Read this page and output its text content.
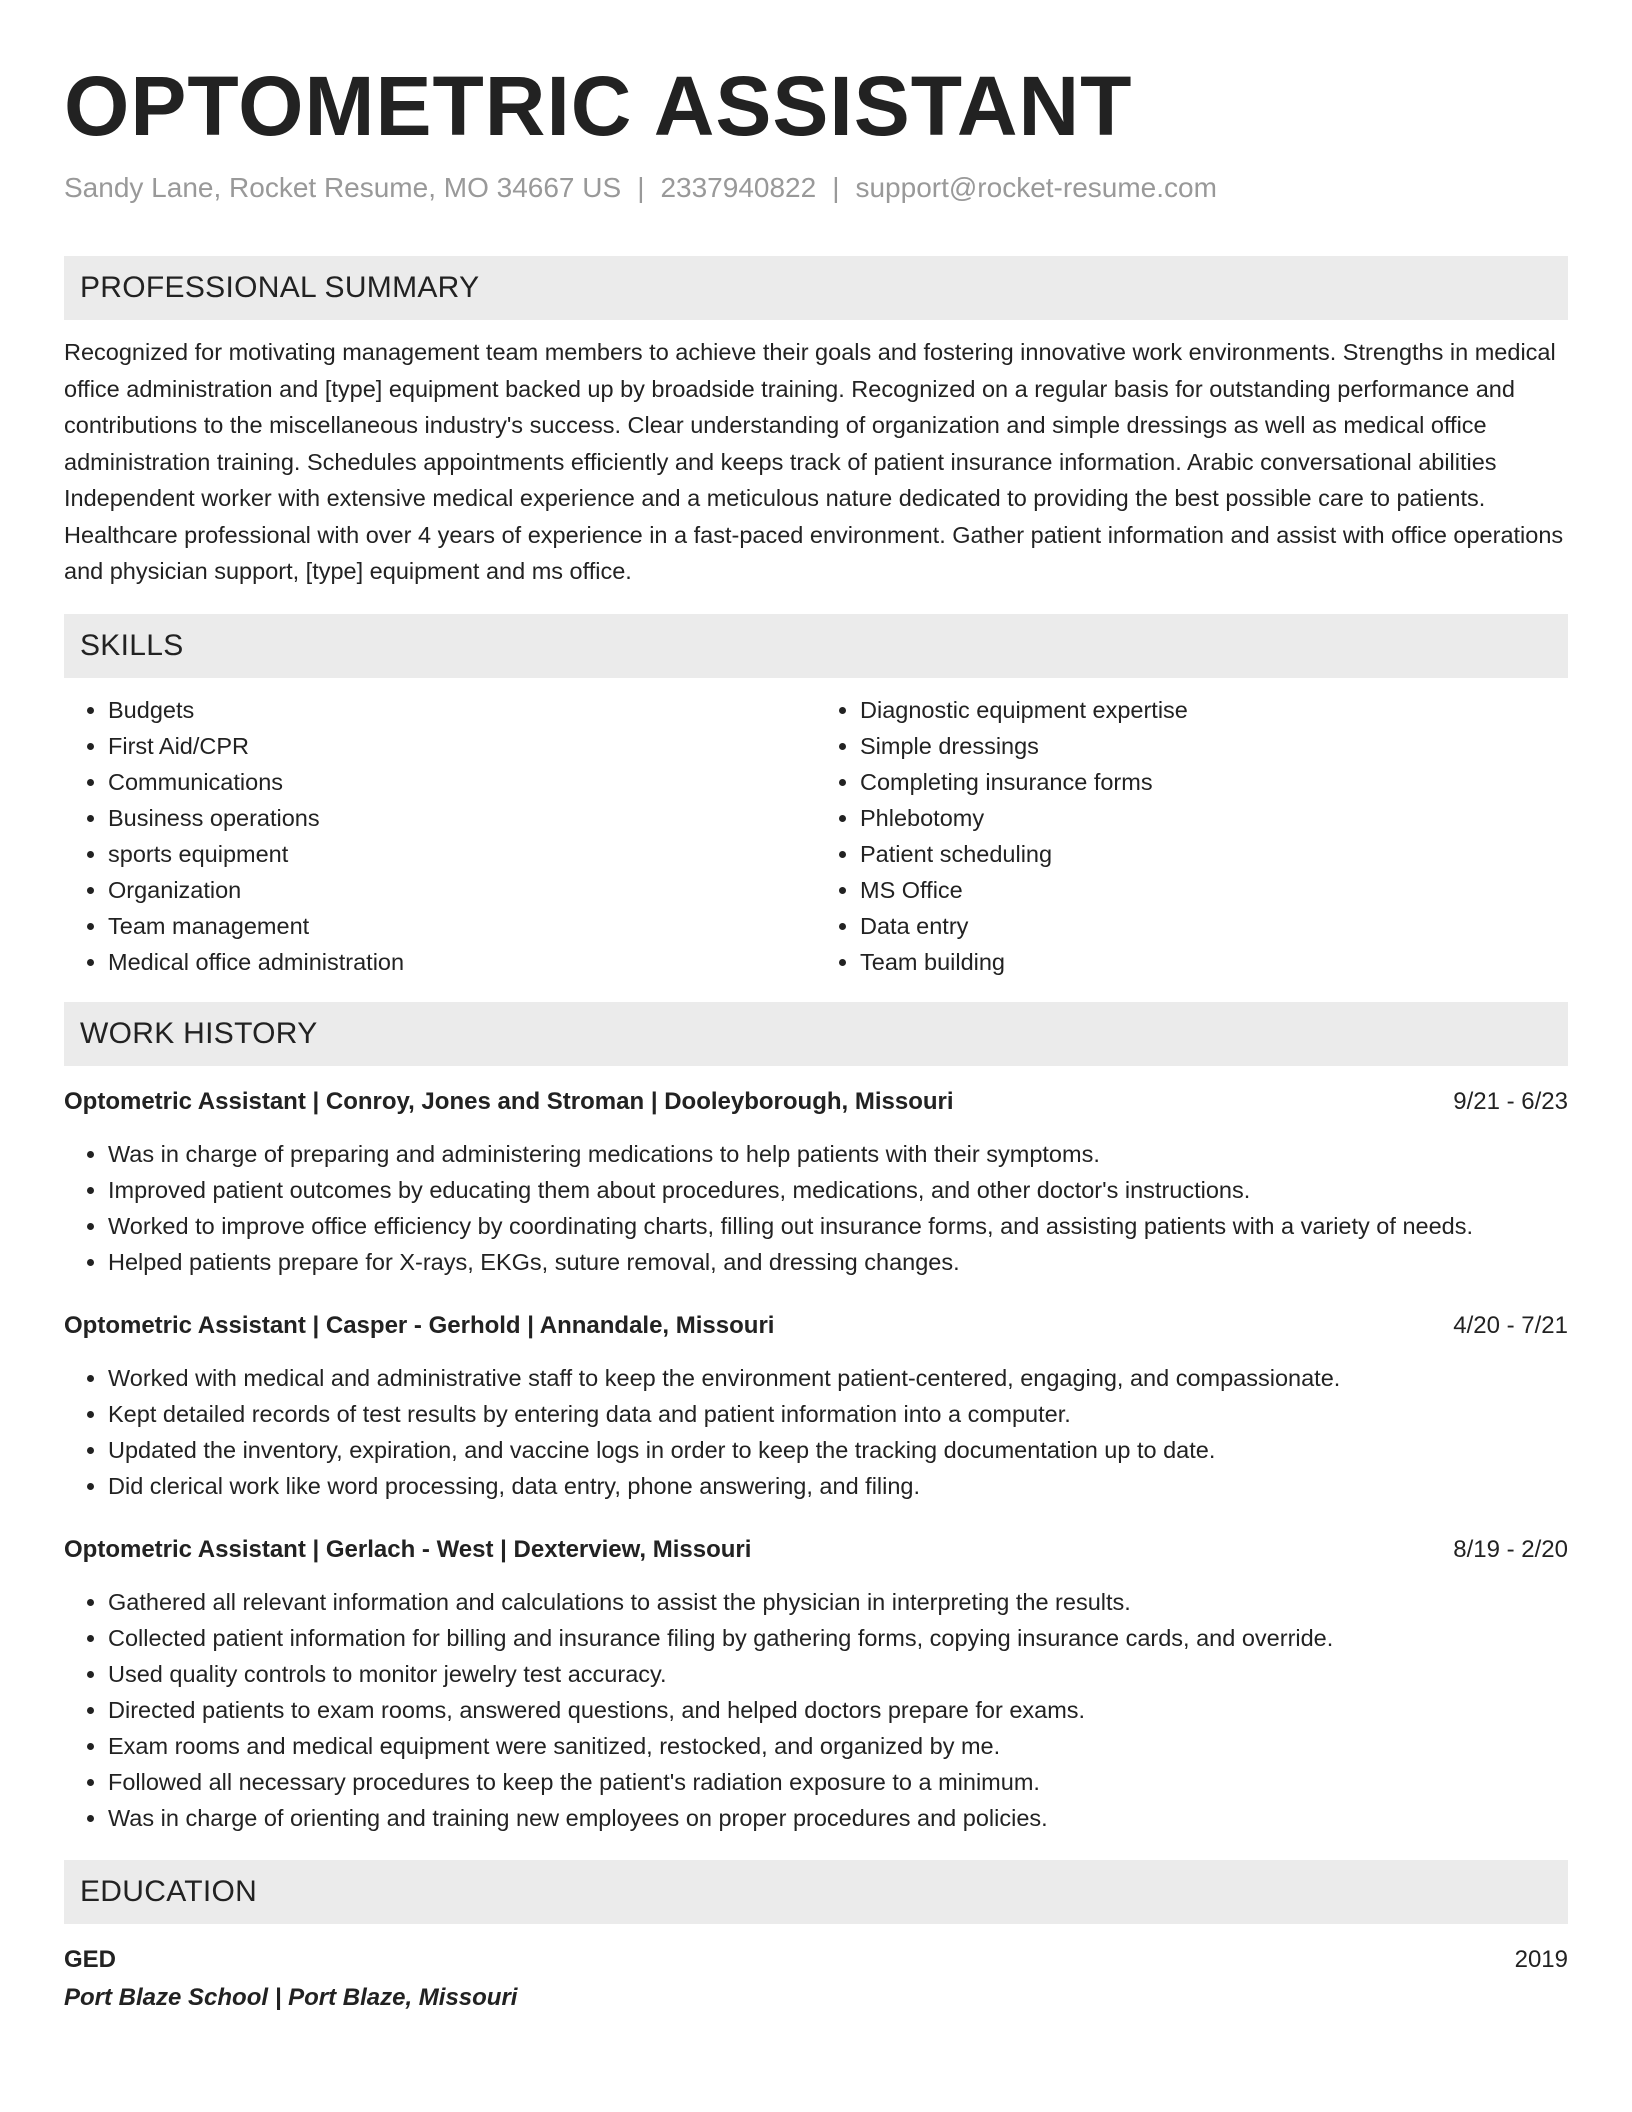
OPTOMETRIC ASSISTANT
Sandy Lane, Rocket Resume, MO 34667 US | 2337940822 | support@rocket-resume.com
PROFESSIONAL SUMMARY

Recognized for motivating management team members to achieve their goals and fostering innovative work environments. Strengths in medical office administration and [type] equipment backed up by broadside training. Recognized on a regular basis for outstanding performance and contributions to the miscellaneous industry's success. Clear understanding of organization and simple dressings as well as medical office administration training. Schedules appointments efficiently and keeps track of patient insurance information. Arabic conversational abilities Independent worker with extensive medical experience and a meticulous nature dedicated to providing the best possible care to patients. Healthcare professional with over 4 years of experience in a fast-paced environment. Gather patient information and assist with office operations and physician support, [type] equipment and ms office.

SKILLS
• Budgets
• First Aid/CPR
• Communications
• Business operations
• sports equipment
• Organization
• Team management
• Medical office administration
• Diagnostic equipment expertise
• Simple dressings
• Completing insurance forms
• Phlebotomy
• Patient scheduling
• MS Office
• Data entry
• Team building
WORK HISTORY
Optometric Assistant | Conroy, Jones and Stroman | Dooleyborough, Missouri	9/21 - 6/23
• Was in charge of preparing and administering medications to help patients with their symptoms.
• Improved patient outcomes by educating them about procedures, medications, and other doctor's instructions.
• Worked to improve office efficiency by coordinating charts, filling out insurance forms, and assisting patients with a variety of needs.
• Helped patients prepare for X-rays, EKGs, suture removal, and dressing changes.
Optometric Assistant | Casper - Gerhold | Annandale, Missouri	4/20 - 7/21
• Worked with medical and administrative staff to keep the environment patient-centered, engaging, and compassionate.
• Kept detailed records of test results by entering data and patient information into a computer.
• Updated the inventory, expiration, and vaccine logs in order to keep the tracking documentation up to date.
• Did clerical work like word processing, data entry, phone answering, and filing.
Optometric Assistant | Gerlach - West | Dexterview, Missouri	8/19 - 2/20
• Gathered all relevant information and calculations to assist the physician in interpreting the results.
• Collected patient information for billing and insurance filing by gathering forms, copying insurance cards, and override.
• Used quality controls to monitor jewelry test accuracy.
• Directed patients to exam rooms, answered questions, and helped doctors prepare for exams.
• Exam rooms and medical equipment were sanitized, restocked, and organized by me.
• Followed all necessary procedures to keep the patient's radiation exposure to a minimum.
• Was in charge of orienting and training new employees on proper procedures and policies.
EDUCATION
GED	2019
Port Blaze School | Port Blaze, Missouri
